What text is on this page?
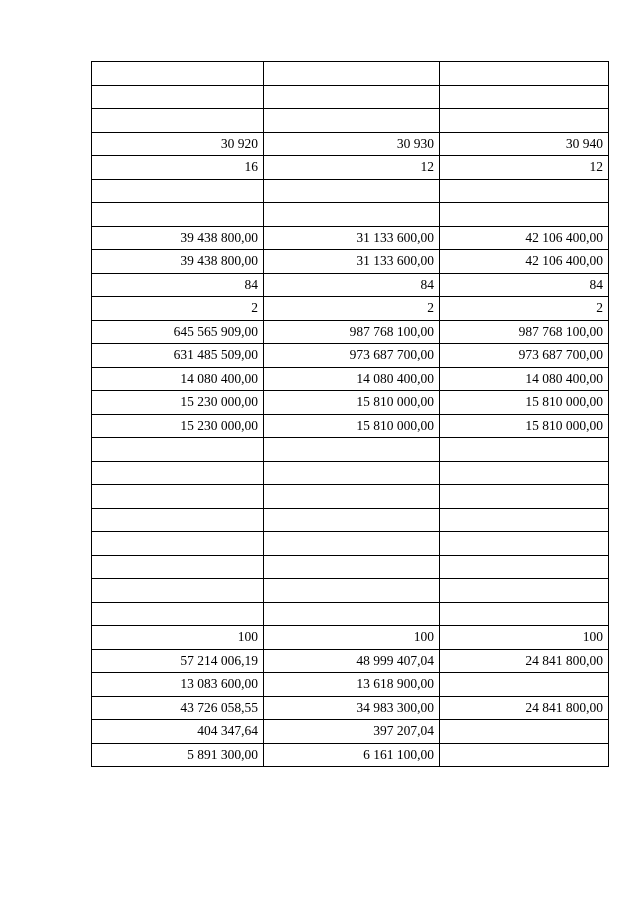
30 920	30 930	30 940
16	12	12

39 438 800,00	31 133 600,00	42 106 400,00
39 438 800,00	31 133 600,00	42 106 400,00
84	84	84
2	2	2
645 565 909,00	987 768 100,00	987 768 100,00
631 485 509,00	973 687 700,00	973 687 700,00
14 080 400,00	14 080 400,00	14 080 400,00
15 230 000,00	15 810 000,00	15 810 000,00
15 230 000,00	15 810 000,00	15 810 000,00

100	100	100
57 214 006,19	48 999 407,04	24 841 800,00
13 083 600,00	13 618 900,00	
43 726 058,55	34 983 300,00	24 841 800,00
404 347,64	397 207,04	
5 891 300,00	6 161 100,00	
